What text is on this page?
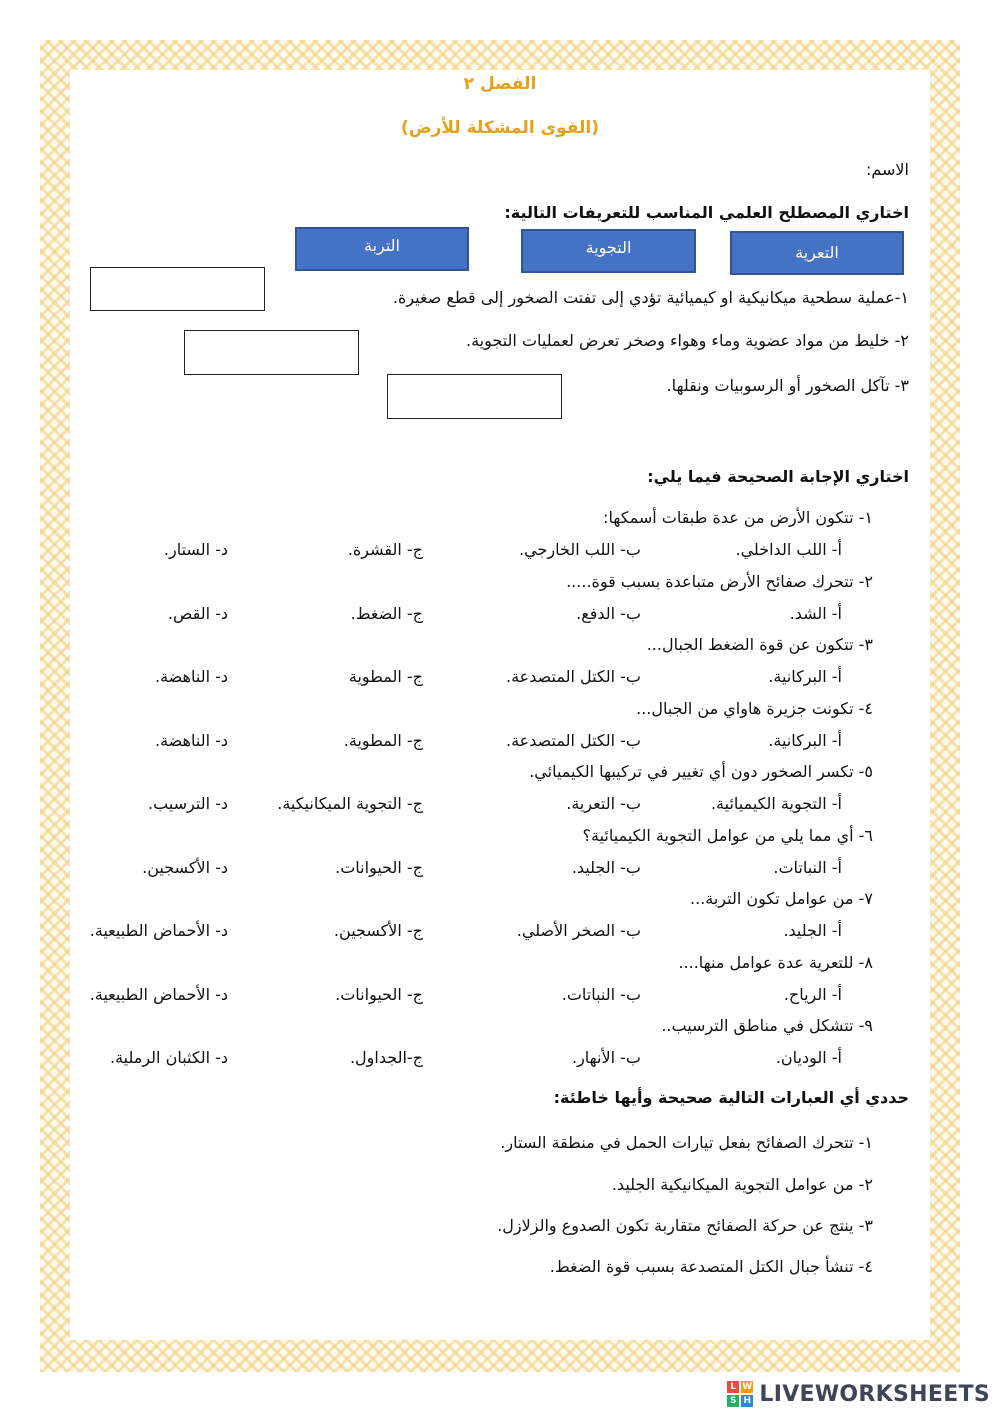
الفصل ٢
(القوى المشكلة للأرض)
الاسم:
اختاري المصطلح العلمي المناسب للتعريفات التالية:
التعرية
التجوية
التربة
١-عملية سطحية ميكانيكية او كيميائية تؤدي إلى تفتت الصخور إلى قطع صغيرة.
٢- خليط من مواد عضوية وماء وهواء وصخر تعرض لعمليات التجوية.
٣- تآكل الصخور أو الرسوبيات ونقلها.
اختاري الإجابة الصحيحة فيما يلي:
١- تتكون الأرض من عدة طبقات أسمكها:
أ- اللب الداخلي.
ب- اللب الخارجي.
ج- القشرة.
د- الستار.
٢- تتحرك صفائح الأرض متباعدة بسبب قوة.....
أ- الشد.
ب- الدفع.
ج- الضغط.
د- القص.
٣- تتكون عن قوة الضغط الجبال...
أ- البركانية.
ب- الكتل المتصدعة.
ج- المطوية
د- الناهضة.
٤- تكونت جزيرة هاواي من الجبال...
أ- البركانية.
ب- الكتل المتصدعة.
ج- المطوية.
د- الناهضة.
٥- تكسر الصخور دون أي تغيير في تركيبها الكيميائي.
أ- التجوية الكيميائية.
ب- التعرية.
ج- التجوية الميكانيكية.
د- الترسيب.
٦- أي مما يلي من عوامل التجوية الكيميائية؟
أ- النباتات.
ب- الجليد.
ج- الحيوانات.
د- الأكسجين.
٧- من عوامل تكون التربة...
أ- الجليد.
ب- الصخر الأصلي.
ج- الأكسجين.
د- الأحماض الطبيعية.
٨- للتعرية عدة عوامل منها....
أ- الرياح.
ب- النباتات.
ج- الحيوانات.
د- الأحماض الطبيعية.
٩- تتشكل في مناطق الترسيب..
أ- الوديان.
ب- الأنهار.
ج-الجداول.
د- الكثبان الرملية.
حددي أي العبارات التالية صحيحة وأيها خاطئة:
١- تتحرك الصفائح بفعل تيارات الحمل في منطقة الستار.
٢- من عوامل التجوية الميكانيكية الجليد.
٣- ينتج عن حركة الصفائح متقاربة تكون الصدوع والزلازل.
٤- تنشأ جبال الكتل المتصدعة بسبب قوة الضغط.
L W
S H LIVEWORKSHEETS
